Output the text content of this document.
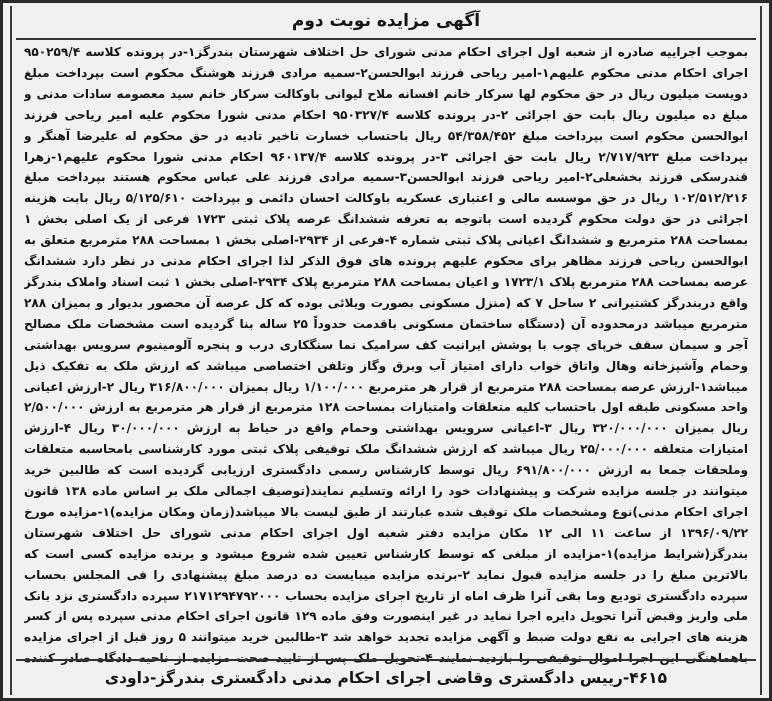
آگهی مزایده نوبت دوم

بموجب اجراییه صادره از شعبه اول اجرای احکام مدنی شورای حل اختلاف شهرستان بندرگز۱-در پرونده کلاسه ۹۵۰۲۵۹/۴ اجرای احکام مدنی محکوم علیهم۱-امیر ریاحی فرزند ابوالحسن۲-سمیه مرادی فرزند هوشنگ محکوم است بپرداخت مبلغ دویست میلیون ریال در حق محکوم لها سرکار خانم افسانه ملاح لیوانی باوکالت سرکار خانم سید معصومه سادات مدنی و مبلغ ده میلیون ریال بابت حق اجرائی ۲-در پرونده کلاسه ۹۵۰۳۲۷/۴ احکام مدنی شورا محکوم علیه امیر ریاحی فرزند ابوالحسن محکوم است بپرداخت مبلغ ۵۴/۳۵۸/۴۵۲ ریال باحتساب خسارت تاخیر تادیه در حق محکوم له علیرضا آهنگر و بپرداخت مبلغ ۲/۷۱۷/۹۲۳ ریال بابت حق اجرائی ۳-در پرونده کلاسه ۹۶۰۱۳۷/۴ احکام مدنی شورا محکوم علیهم۱-زهرا قندرسکی فرزند بخشعلی۲-امیر ریاحی فرزند ابوالحسن۳-سمیه مرادی فرزند علی عباس محکوم هستند بپرداخت مبلغ ۱۰۲/۵۱۲/۲۱۶ ریال در حق موسسه مالی و اعتباری عسکریه باوکالت احسان دائمی و بپرداخت ۵/۱۲۵/۶۱۰ ریال بابت هزینه اجرائی در حق دولت محکوم گردیده است باتوجه به تعرفه ششدانگ عرصه پلاک ثبتی ۱۷۲۳ فرعی از یک اصلی بخش ۱ بمساحت ۲۸۸ مترمربع و ششدانگ اعیانی پلاک ثبتی شماره ۴-فرعی از ۲۹۳۴-اصلی بخش ۱ بمساحت ۲۸۸ مترمربع متعلق به ابوالحسن ریاحی فرزند مظاهر برای محکوم علیهم پرونده های فوق الذکر لذا اجرای احکام مدنی در نظر دارد ششدانگ عرصه بمساحت ۲۸۸ مترمربع پلاک ۱۷۲۳/۱ و اعیان بمساحت ۲۸۸ مترمربع پلاک ۲۹۳۴-اصلی بخش ۱ ثبت اسناد واملاک بندرگز واقع دربندرگز کشتیرانی ۲ ساحل ۷ که (منزل مسکونی بصورت ویلائی بوده که کل عرصه آن محصور بدیوار و بمیزان ۲۸۸ مترمربع میباشد درمحدوده آن (دستگاه ساختمان مسکونی باقدمت حدوداً ۲۵ ساله بنا گردیده است مشخصات ملک مصالح آجر و سیمان سقف خرپای چوب با پوشش ایرانیت کف سرامیک نما سنگکاری درب و پنجره آلومینیوم سرویس بهداشتی وحمام وآشپزخانه وهال واتاق خواب دارای امتیاز آب وبرق وگاز وتلفن اختصاصی میباشد که ارزش ملک به تفکیک ذیل میباشد۱-ارزش عرصه بمساحت ۲۸۸ مترمربع از قرار هر مترمربع ۱/۱۰۰/۰۰۰ ریال بمیزان ۳۱۶/۸۰۰/۰۰۰ ریال ۲-ارزش اعیانی واحد مسکونی طبقه اول باحتساب کلیه متعلقات وامتیازات بمساحت ۱۲۸ مترمربع از قرار هر مترمربع به ارزش ۲/۵۰۰/۰۰۰ ریال بمیزان ۳۲۰/۰۰۰/۰۰۰ ریال ۳-اعیانی سرویس بهداشتی وحمام واقع در حیاط به ارزش ۳۰/۰۰۰/۰۰۰ ریال ۴-ارزش امتیازات متعلقه ۲۵/۰۰۰/۰۰۰ ریال میباشد که ارزش ششدانگ ملک توقیفی پلاک ثبتی مورد کارشناسی بامحاسبه متعلقات وملحقات جمعا به ارزش ۶۹۱/۸۰۰/۰۰۰ ریال توسط کارشناس رسمی دادگستری ارزیابی گردیده است که طالبین خرید میتوانند در جلسه مزایده شرکت و پیشنهادات خود را ارائه وتسلیم نمایند(توصیف اجمالی ملک بر اساس ماده ۱۳۸ قانون اجرای احکام مدنی)نوع ومشخصات ملک توقیف شده عبارتند از طبق لیست بالا میباشد(زمان ومکان مزایده)۱-مزایده مورخ ۱۳۹۶/۰۹/۲۲ از ساعت ۱۱ الی ۱۲ مکان مزایده دفتر شعبه اول اجرای احکام مدنی شورای حل اختلاف شهرستان بندرگز(شرایط مزایده)۱-مزایده از مبلغی که توسط کارشناس تعیین شده شروع میشود و برنده مزایده کسی است که بالاترین مبلغ را در جلسه مزایده قبول نماید ۲-برنده مزایده میبایست ده درصد مبلغ پیشنهادی را فی المجلس بحساب سپرده دادگستری تودیع وما بقی آنرا ظرف اماه از تاریخ اجرای مزایده بحساب ۲۱۷۱۲۹۴۷۹۲۰۰۰ سپرده دادگستری نزد بانک ملی واریز وقبض آنرا تحویل دایره اجرا نماید در غیر اینصورت وفق ماده ۱۲۹ قانون اجرای احکام مدنی سپرده پس از کسر هزینه های اجرایی به نفع دولت ضبط و آگهی مزایده تجدید خواهد شد ۳-طالبین خرید میتوانند ۵ روز قبل از اجرای مزایده باهماهنگی این اجرا اموال توقیفی را بازدید نمایند ۴-تحویل ملک پس از تایید صحت مزایده از ناحیه دادگاه صادر کننده

۴۶۱۵-رییس دادگستری وقاضی اجرای احکام مدنی دادگستری بندرگز-داودی
